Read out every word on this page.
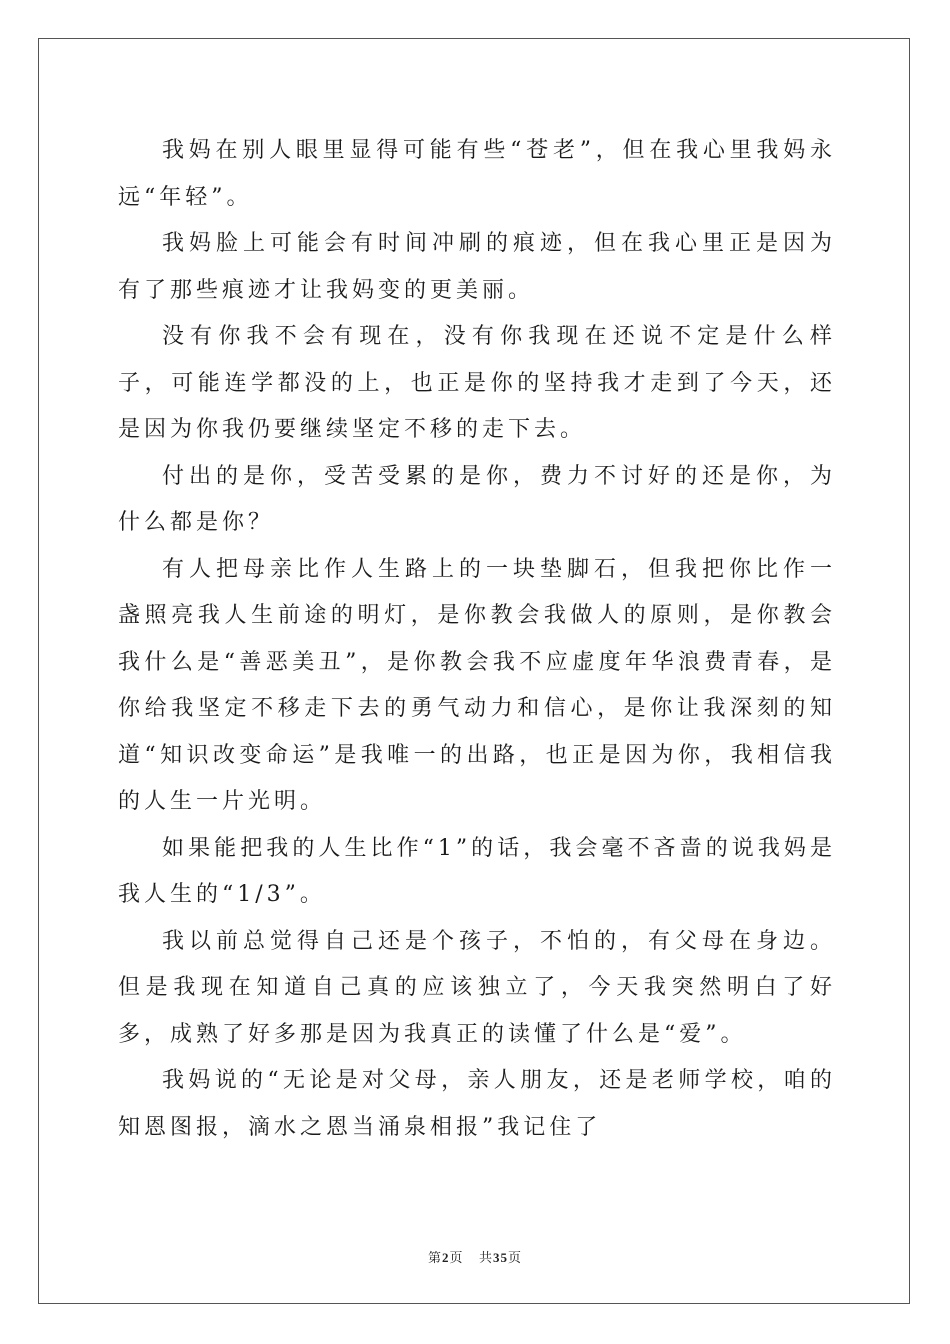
我妈在别人眼里显得可能有些“苍老”，但在我心里我妈永远“年轻”。

我妈脸上可能会有时间冲刷的痕迹，但在我心里正是因为有了那些痕迹才让我妈变的更美丽。

没有你我不会有现在，没有你我现在还说不定是什么样子，可能连学都没的上，也正是你的坚持我才走到了今天，还是因为你我仍要继续坚定不移的走下去。

付出的是你，受苦受累的是你，费力不讨好的还是你，为什么都是你？

有人把母亲比作人生路上的一块垫脚石，但我把你比作一盏照亮我人生前途的明灯，是你教会我做人的原则，是你教会我什么是“善恶美丑”，是你教会我不应虚度年华浪费青春，是你给我坚定不移走下去的勇气动力和信心，是你让我深刻的知道“知识改变命运”是我唯一的出路，也正是因为你，我相信我的人生一片光明。

如果能把我的人生比作“1”的话，我会毫不吝啬的说我妈是我人生的“1/3”。

我以前总觉得自己还是个孩子，不怕的，有父母在身边。但是我现在知道自己真的应该独立了，今天我突然明白了好多，成熟了好多那是因为我真正的读懂了什么是“爱”。

我妈说的“无论是对父母，亲人朋友，还是老师学校，咱的知恩图报，滴水之恩当涌泉相报”我记住了

第2页 共35页
